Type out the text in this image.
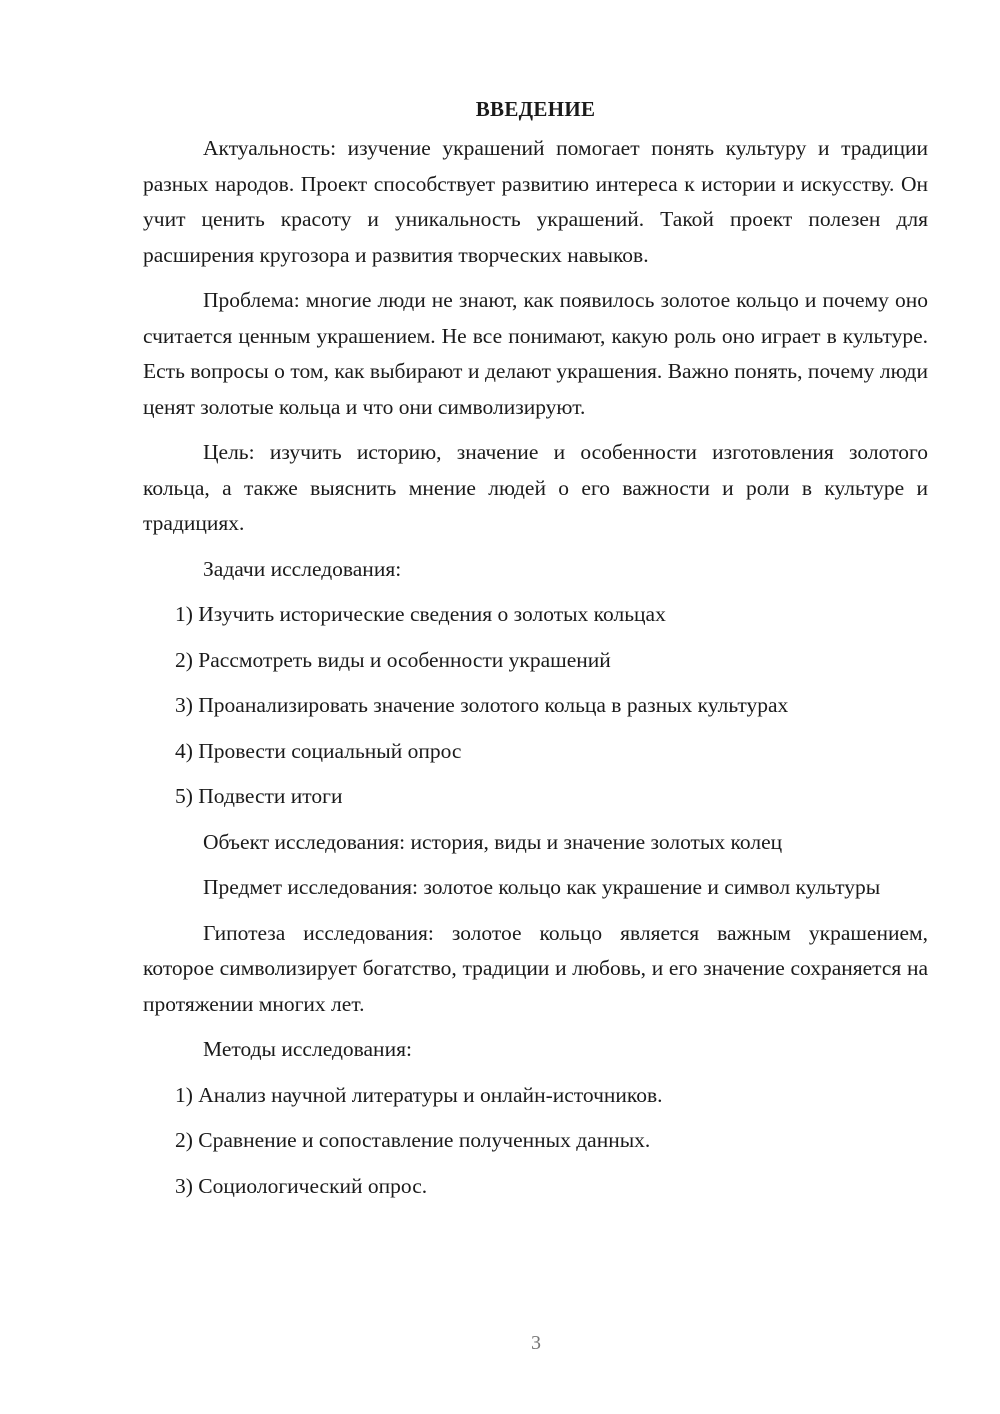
ВВЕДЕНИЕ

Актуальность: изучение украшений помогает понять культуру и традиции разных народов. Проект способствует развитию интереса к истории и искусству. Он учит ценить красоту и уникальность украшений. Такой проект полезен для расширения кругозора и развития творческих навыков.

Проблема: многие люди не знают, как появилось золотое кольцо и почему оно считается ценным украшением. Не все понимают, какую роль оно играет в культуре. Есть вопросы о том, как выбирают и делают украшения. Важно понять, почему люди ценят золотые кольца и что они символизируют.

Цель: изучить историю, значение и особенности изготовления золотого кольца, а также выяснить мнение людей о его важности и роли в культуре и традициях.

Задачи исследования:
1) Изучить исторические сведения о золотых кольцах
2) Рассмотреть виды и особенности украшений
3) Проанализировать значение золотого кольца в разных культурах
4) Провести социальный опрос
5) Подвести итоги
Объект исследования: история, виды и значение золотых колец

Предмет исследования: золотое кольцо как украшение и символ культуры

Гипотеза исследования: золотое кольцо является важным украшением, которое символизирует богатство, традиции и любовь, и его значение сохраняется на протяжении многих лет.

Методы исследования:
1) Анализ научной литературы и онлайн-источников.
2) Сравнение и сопоставление полученных данных.
3) Социологический опрос.
3
